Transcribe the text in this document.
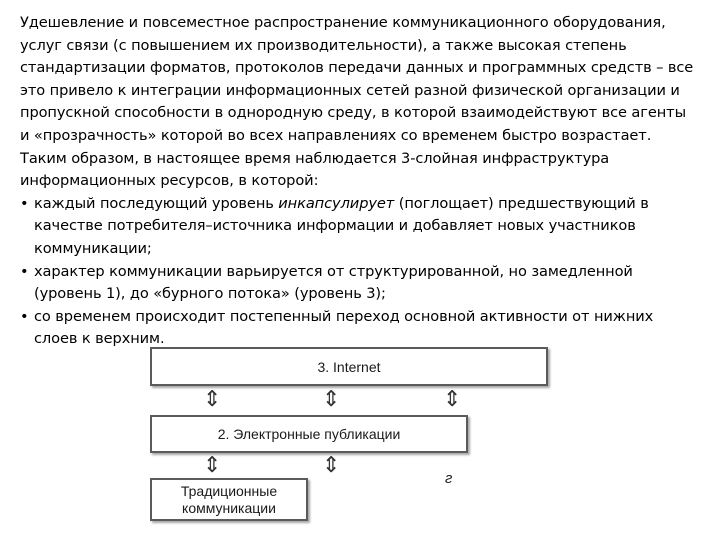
Удешевление и повсеместное распространение коммуникационного оборудования, услуг связи (с повышением их производительности), а также высокая степень стандартизации форматов, протоколов передачи данных и программных средств – все это привело к интеграции информационных сетей разной физической организации и пропускной способности в однородную среду, в которой взаимодействуют все агенты и «прозрачность» которой во всех направлениях со временем быстро возрастает.

Таким образом, в настоящее время наблюдается 3-слойная инфраструктура информационных ресурсов, в которой:

• каждый последующий уровень инкапсулирует (поглощает) предшествующий в качестве потребителя–источника информации и добавляет новых участников коммуникации;
• характер коммуникации варьируется от структурированной, но замедленной (уровень 1), до «бурного потока» (уровень 3);
• со временем происходит постепенный переход основной активности от нижних слоев к верхним.
3. Internet
⇕	⇕	⇕
2. Электронные публикации
⇕	⇕
Традиционные
коммуникации
г
